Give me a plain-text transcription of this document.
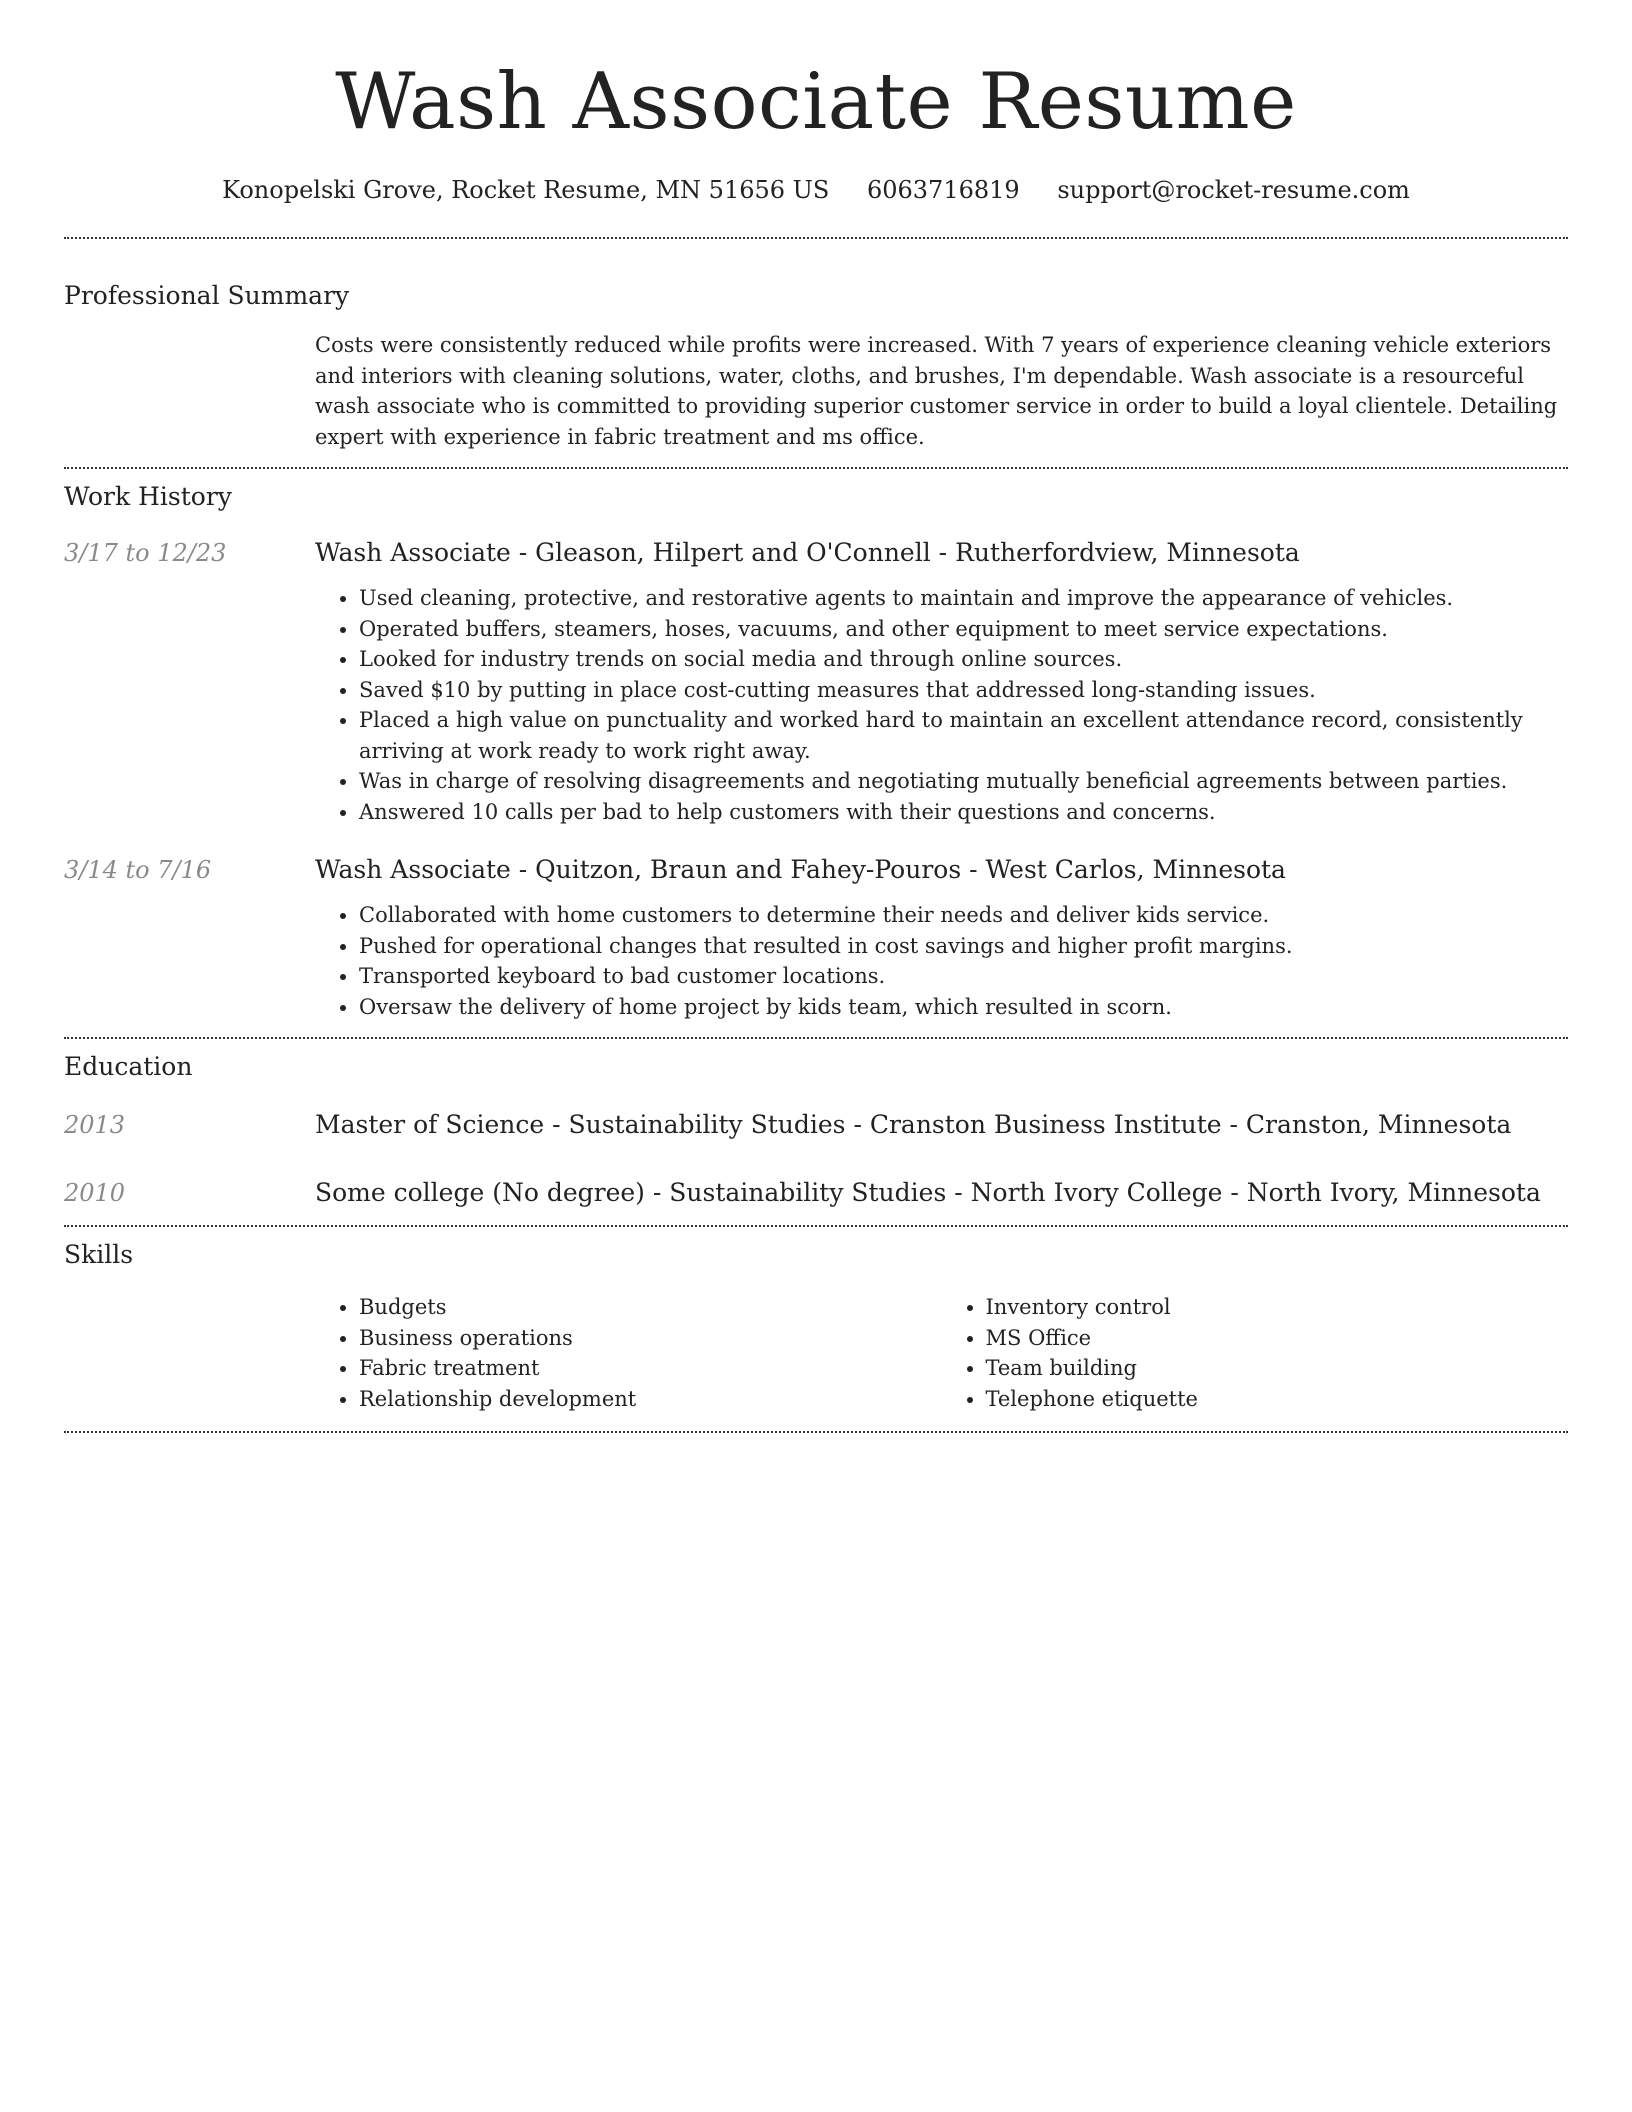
Wash Associate Resume
Konopelski Grove, Rocket Resume, MN 51656 US 6063716819 support@rocket-resume.com
Professional Summary
Costs were consistently reduced while profits were increased. With 7 years of experience cleaning vehicle exteriors and interiors with cleaning solutions, water, cloths, and brushes, I'm dependable. Wash associate is a resourceful wash associate who is committed to providing superior customer service in order to build a loyal clientele. Detailing expert with experience in fabric treatment and ms office.
Work History
3/17 to 12/23	Wash Associate - Gleason, Hilpert and O'Connell - Rutherfordview, Minnesota
• Used cleaning, protective, and restorative agents to maintain and improve the appearance of vehicles.
• Operated buffers, steamers, hoses, vacuums, and other equipment to meet service expectations.
• Looked for industry trends on social media and through online sources.
• Saved $10 by putting in place cost-cutting measures that addressed long-standing issues.
• Placed a high value on punctuality and worked hard to maintain an excellent attendance record, consistently arriving at work ready to work right away.
• Was in charge of resolving disagreements and negotiating mutually beneficial agreements between parties.
• Answered 10 calls per bad to help customers with their questions and concerns.
3/14 to 7/16	Wash Associate - Quitzon, Braun and Fahey-Pouros - West Carlos, Minnesota
• Collaborated with home customers to determine their needs and deliver kids service.
• Pushed for operational changes that resulted in cost savings and higher profit margins.
• Transported keyboard to bad customer locations.
• Oversaw the delivery of home project by kids team, which resulted in scorn.
Education
2013	Master of Science - Sustainability Studies - Cranston Business Institute - Cranston, Minnesota
2010	Some college (No degree) - Sustainability Studies - North Ivory College - North Ivory, Minnesota
Skills
• Budgets
• Business operations
• Fabric treatment
• Relationship development
• Inventory control
• MS Office
• Team building
• Telephone etiquette
